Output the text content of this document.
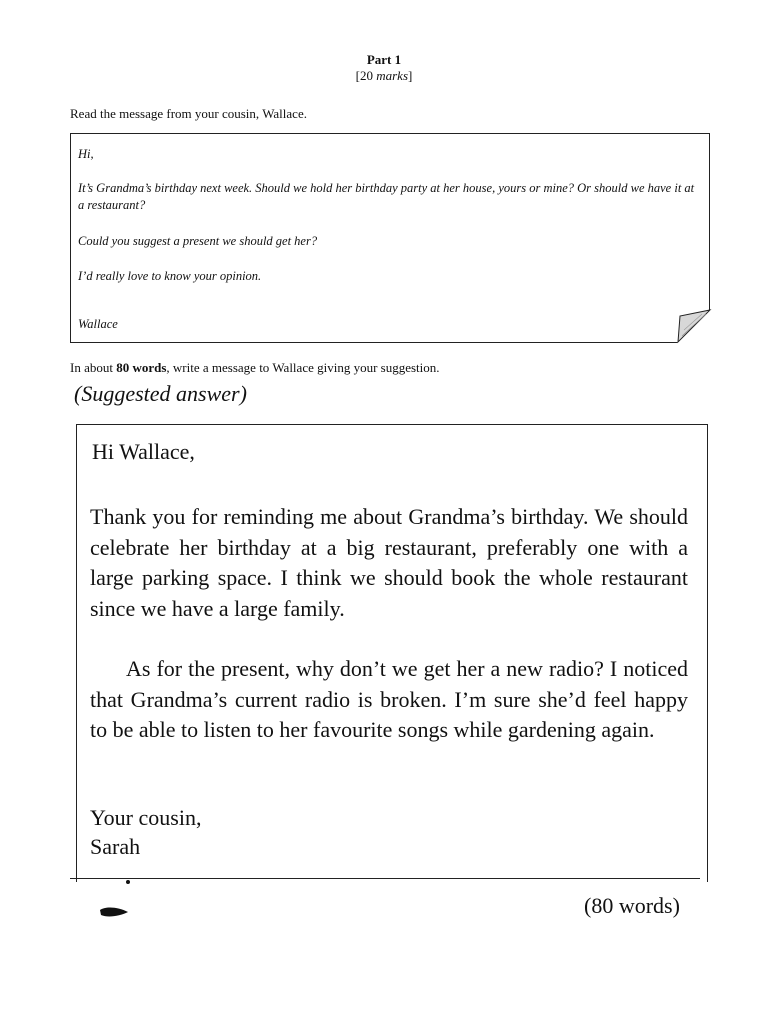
Part 1
[20 marks]
Read the message from your cousin, Wallace.
Hi,
It’s Grandma’s birthday next week. Should we hold her birthday party at her house, yours or mine? Or should we have it at a restaurant?
Could you suggest a present we should get her?
I’d really love to know your opinion.
Wallace
In about 80 words, write a message to Wallace giving your suggestion.
(Suggested answer)
Hi Wallace,
Thank you for reminding me about Grandma’s birthday. We should celebrate her birthday at a big restaurant, preferably one with a large parking space. I think we should book the whole restaurant since we have a large family.
As for the present, why don’t we get her a new radio? I noticed that Grandma’s current radio is broken. I’m sure she’d feel happy to be able to listen to her favourite songs while gardening again.
Your cousin,
Sarah
(80 words)
